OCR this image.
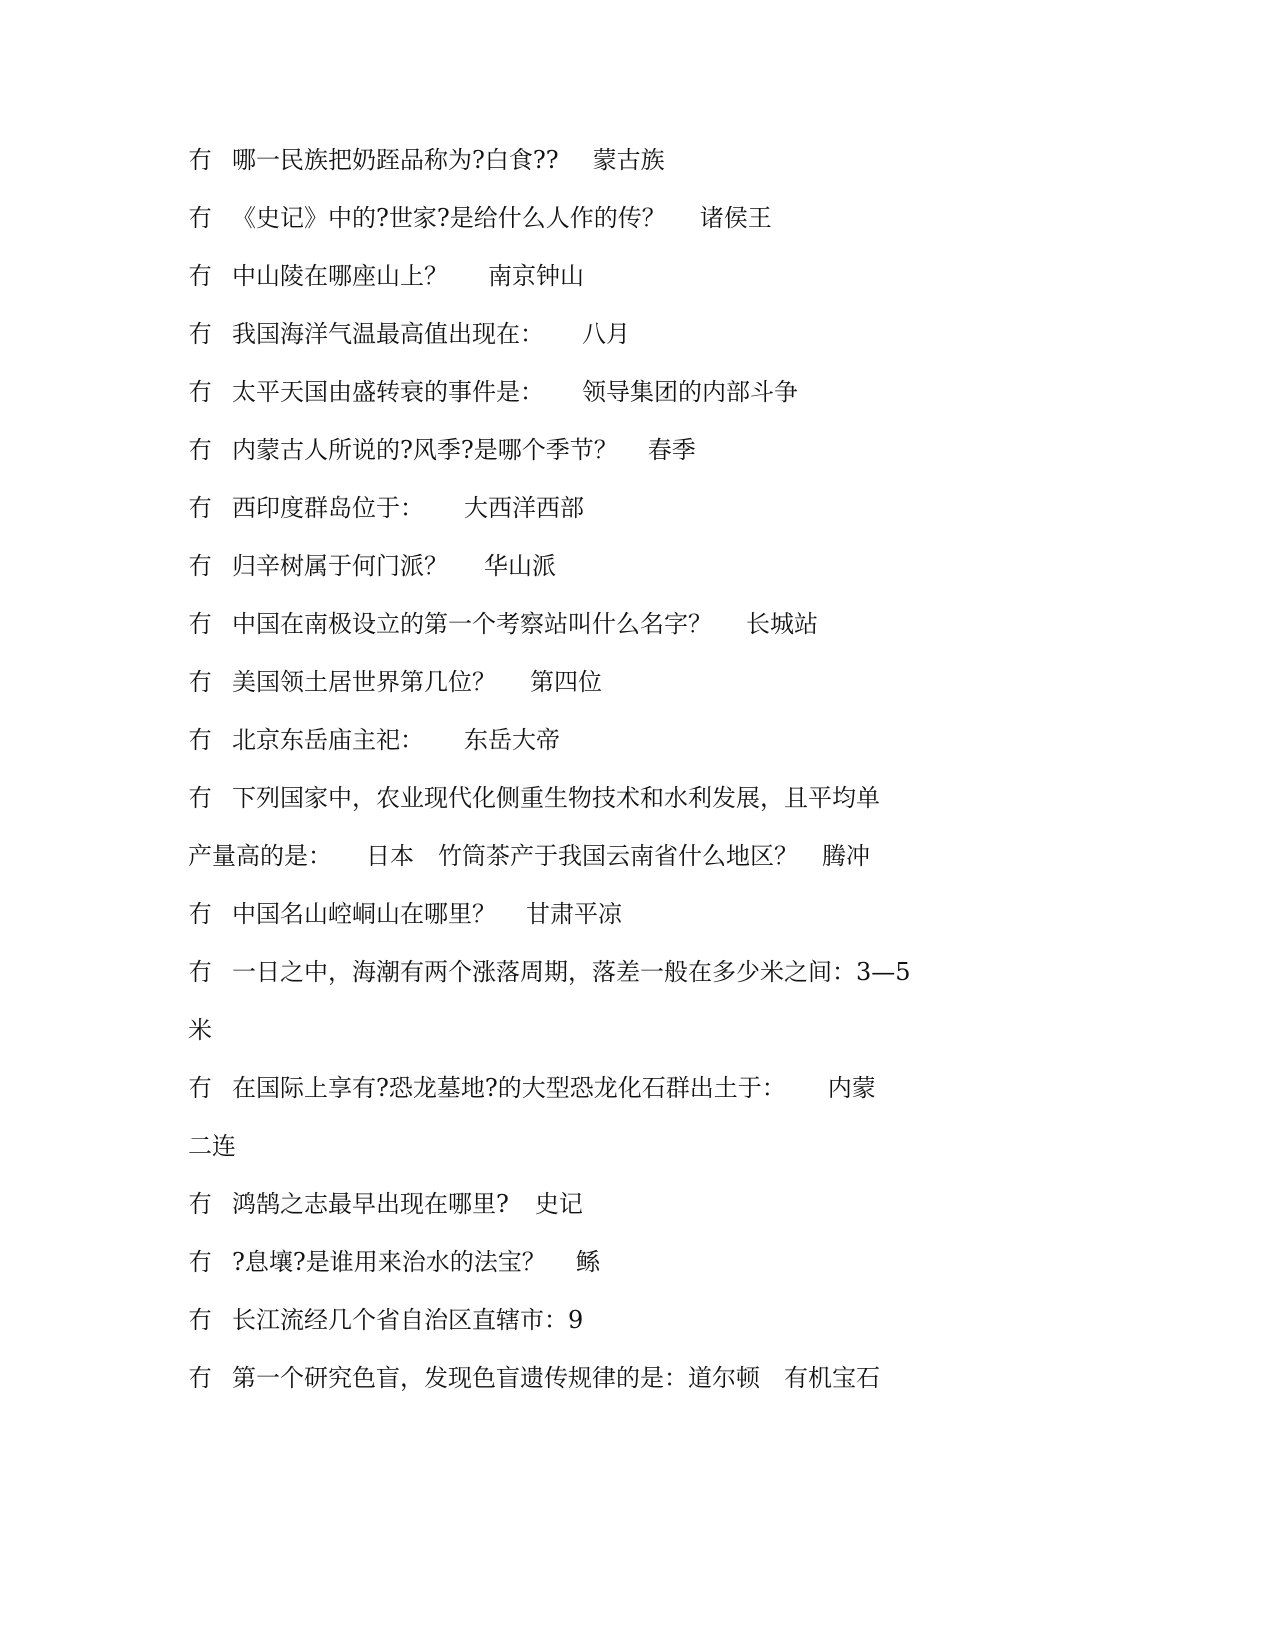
冇 哪一民族把奶跮品称为?白食?? 蒙古族
冇 《史记》中的?世家?是给什么人作的传？ 诸侯王
冇 中山陵在哪座山上？ 南京钟山
冇 我国海洋气温最高值出现在： 八月
冇 太平天国由盛转衰的事件是： 领导集团的内部斗争
冇 内蒙古人所说的?风季?是哪个季节？ 春季
冇 西印度群岛位于： 大西洋西部
冇 归辛树属于何门派？ 华山派
冇 中国在南极设立的第一个考察站叫什么名字？ 长城站
冇 美国领土居世界第几位？ 第四位
冇 北京东岳庙主祀： 东岳大帝
冇 下列国家中，农业现代化侧重生物技术和水利发展，且平均单
产量高的是： 日本　竹筒茶产于我国云南省什么地区？　腾冲
冇 中国名山崆峒山在哪里？ 甘肃平凉
冇 一日之中，海潮有两个涨落周期，落差一般在多少米之间：3—5
米
冇 在国际上享有?恐龙墓地?的大型恐龙化石群出土于： 内蒙
二连
冇 鸿鹄之志最早出现在哪里? 史记
冇 ?息壤?是谁用来治水的法宝？ 鲧
冇 长江流经几个省自治区直辖市：9
冇 第一个研究色盲，发现色盲遗传规律的是：道尔顿　有机宝石
